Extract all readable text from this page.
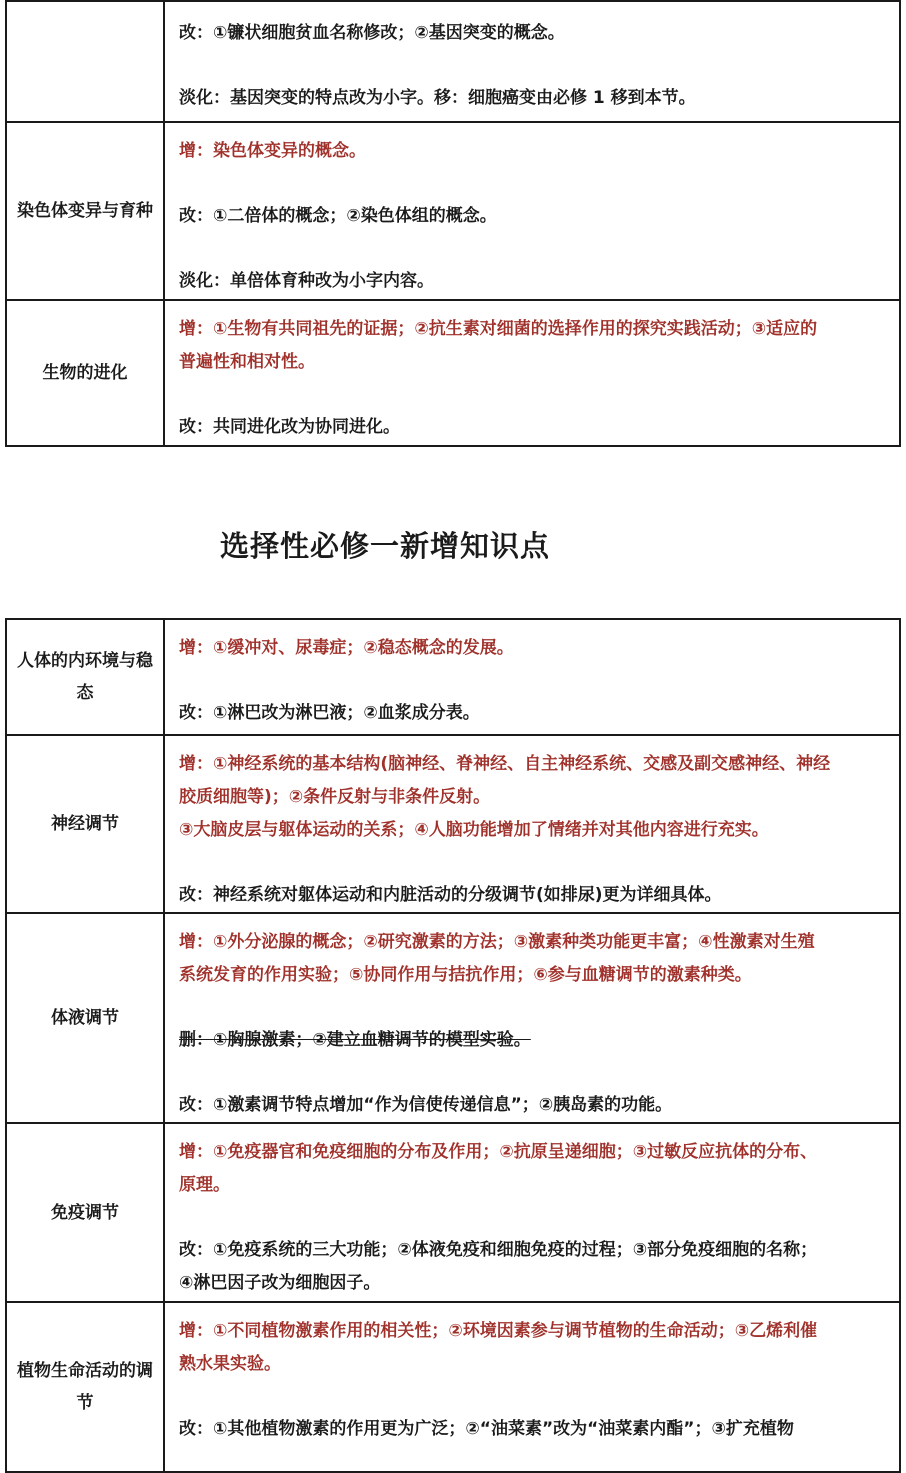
	改：①镰状细胞贫血名称修改；②基因突变的概念。
淡化：基因突变的特点改为小字。移：细胞癌变由必修 1 移到本节。

染色体变异与育种	增：染色体变异的概念。
改：①二倍体的概念；②染色体组的概念。
淡化：单倍体育种改为小字内容。

生物的进化	增：①生物有共同祖先的证据；②抗生素对细菌的选择作用的探究实践活动；③适应的
普遍性和相对性。
改：共同进化改为协同进化。
选择性必修一新增知识点
人体的内环境与稳态	增：①缓冲对、尿毒症；②稳态概念的发展。
改：①淋巴改为淋巴液；②血浆成分表。

神经调节	增：①神经系统的基本结构(脑神经、脊神经、自主神经系统、交感及副交感神经、神经
胶质细胞等)；②条件反射与非条件反射。
③大脑皮层与躯体运动的关系；④人脑功能增加了情绪并对其他内容进行充实。
改：神经系统对躯体运动和内脏活动的分级调节(如排尿)更为详细具体。

体液调节	增：①外分泌腺的概念；②研究激素的方法；③激素种类功能更丰富；④性激素对生殖
系统发育的作用实验；⑤协同作用与拮抗作用；⑥参与血糖调节的激素种类。
删：①胸腺激素；②建立血糖调节的模型实验。
改：①激素调节特点增加“作为信使传递信息”；②胰岛素的功能。

免疫调节	增：①免疫器官和免疫细胞的分布及作用；②抗原呈递细胞；③过敏反应抗体的分布、
原理。
改：①免疫系统的三大功能；②体液免疫和细胞免疫的过程；③部分免疫细胞的名称；
④淋巴因子改为细胞因子。

植物生命活动的调节	增：①不同植物激素作用的相关性；②环境因素参与调节植物的生命活动；③乙烯利催
熟水果实验。
改：①其他植物激素的作用更为广泛；②“油菜素”改为“油菜素内酯”；③扩充植物
